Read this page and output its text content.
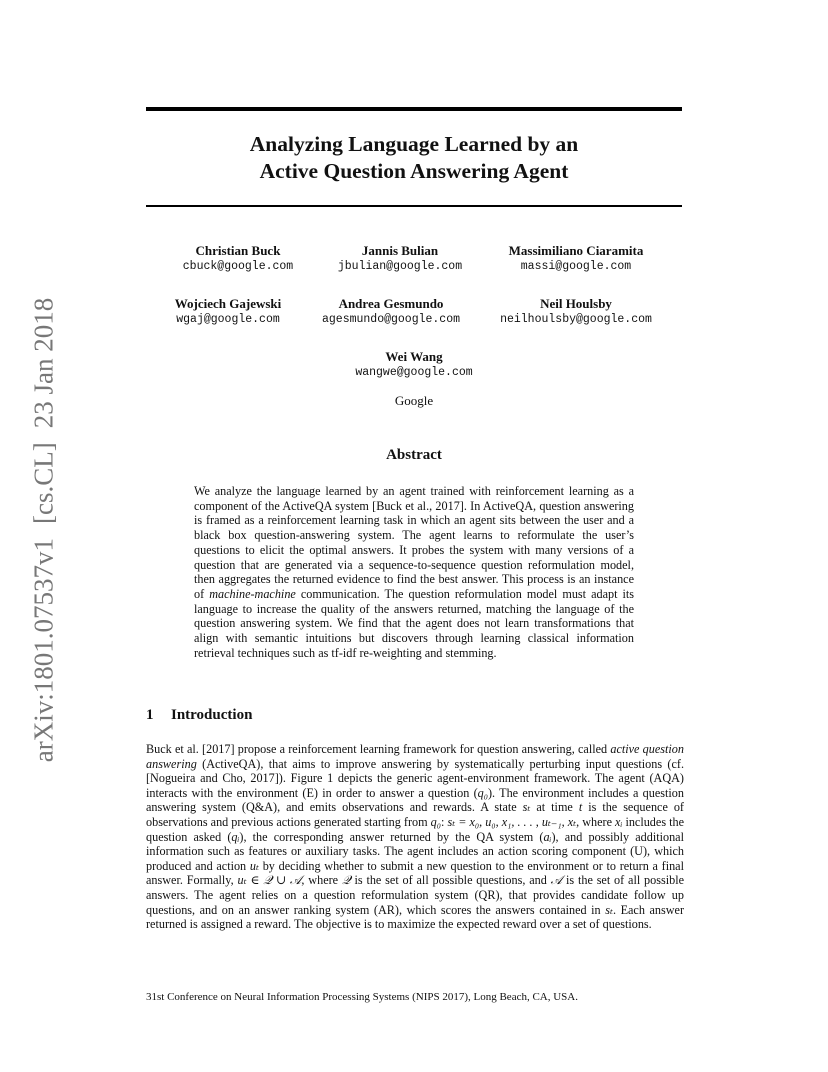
arXiv:1801.07537v1[cs.CL]23 Jan 2018
Analyzing Language Learned by an
Active Question Answering Agent
Christian Buck
cbuck@google.com
Jannis Bulian
jbulian@google.com
Massimiliano Ciaramita
massi@google.com
Wojciech Gajewski
wgaj@google.com
Andrea Gesmundo
agesmundo@google.com
Neil Houlsby
neilhoulsby@google.com
Wei Wang
wangwe@google.com
Google
Abstract
We analyze the language learned by an agent trained with reinforcement learning as a component of the ActiveQA system [Buck et al., 2017]. In ActiveQA, question answering is framed as a reinforcement learning task in which an agent sits between the user and a black box question-answering system. The agent learns to reformulate the user’s questions to elicit the optimal answers. It probes the system with many versions of a question that are generated via a sequence-to-sequence question reformulation model, then aggregates the returned evidence to find the best answer. This process is an instance of machine-machine communication. The question reformulation model must adapt its language to increase the quality of the answers returned, matching the language of the question answering system. We find that the agent does not learn transformations that align with semantic intuitions but discovers through learning classical information retrieval techniques such as tf-idf re-weighting and stemming.
1 Introduction

Buck et al. [2017] propose a reinforcement learning framework for question answering, called active question answering (ActiveQA), that aims to improve answering by systematically perturbing input questions (cf. [Nogueira and Cho, 2017]). Figure 1 depicts the generic agent-environment framework. The agent (AQA) interacts with the environment (E) in order to answer a question (q₀). The environment includes a question answering system (Q&A), and emits observations and rewards. A state sₜ at time t is the sequence of observations and previous actions generated starting from q₀: sₜ = x₀, u₀, x₁, . . . , uₜ₋₁, xₜ, where xᵢ includes the question asked (qᵢ), the corresponding answer returned by the QA system (aᵢ), and possibly additional information such as features or auxiliary tasks. The agent includes an action scoring component (U), which produced and action uₜ by deciding whether to submit a new question to the environment or to return a final answer. Formally, uₜ ∈ 𝒬 ∪ 𝒜, where 𝒬 is the set of all possible questions, and 𝒜 is the set of all possible answers. The agent relies on a question reformulation system (QR), that provides candidate follow up questions, and on an answer ranking system (AR), which scores the answers contained in sₜ. Each answer returned is assigned a reward. The objective is to maximize the expected reward over a set of questions.

31st Conference on Neural Information Processing Systems (NIPS 2017), Long Beach, CA, USA.
